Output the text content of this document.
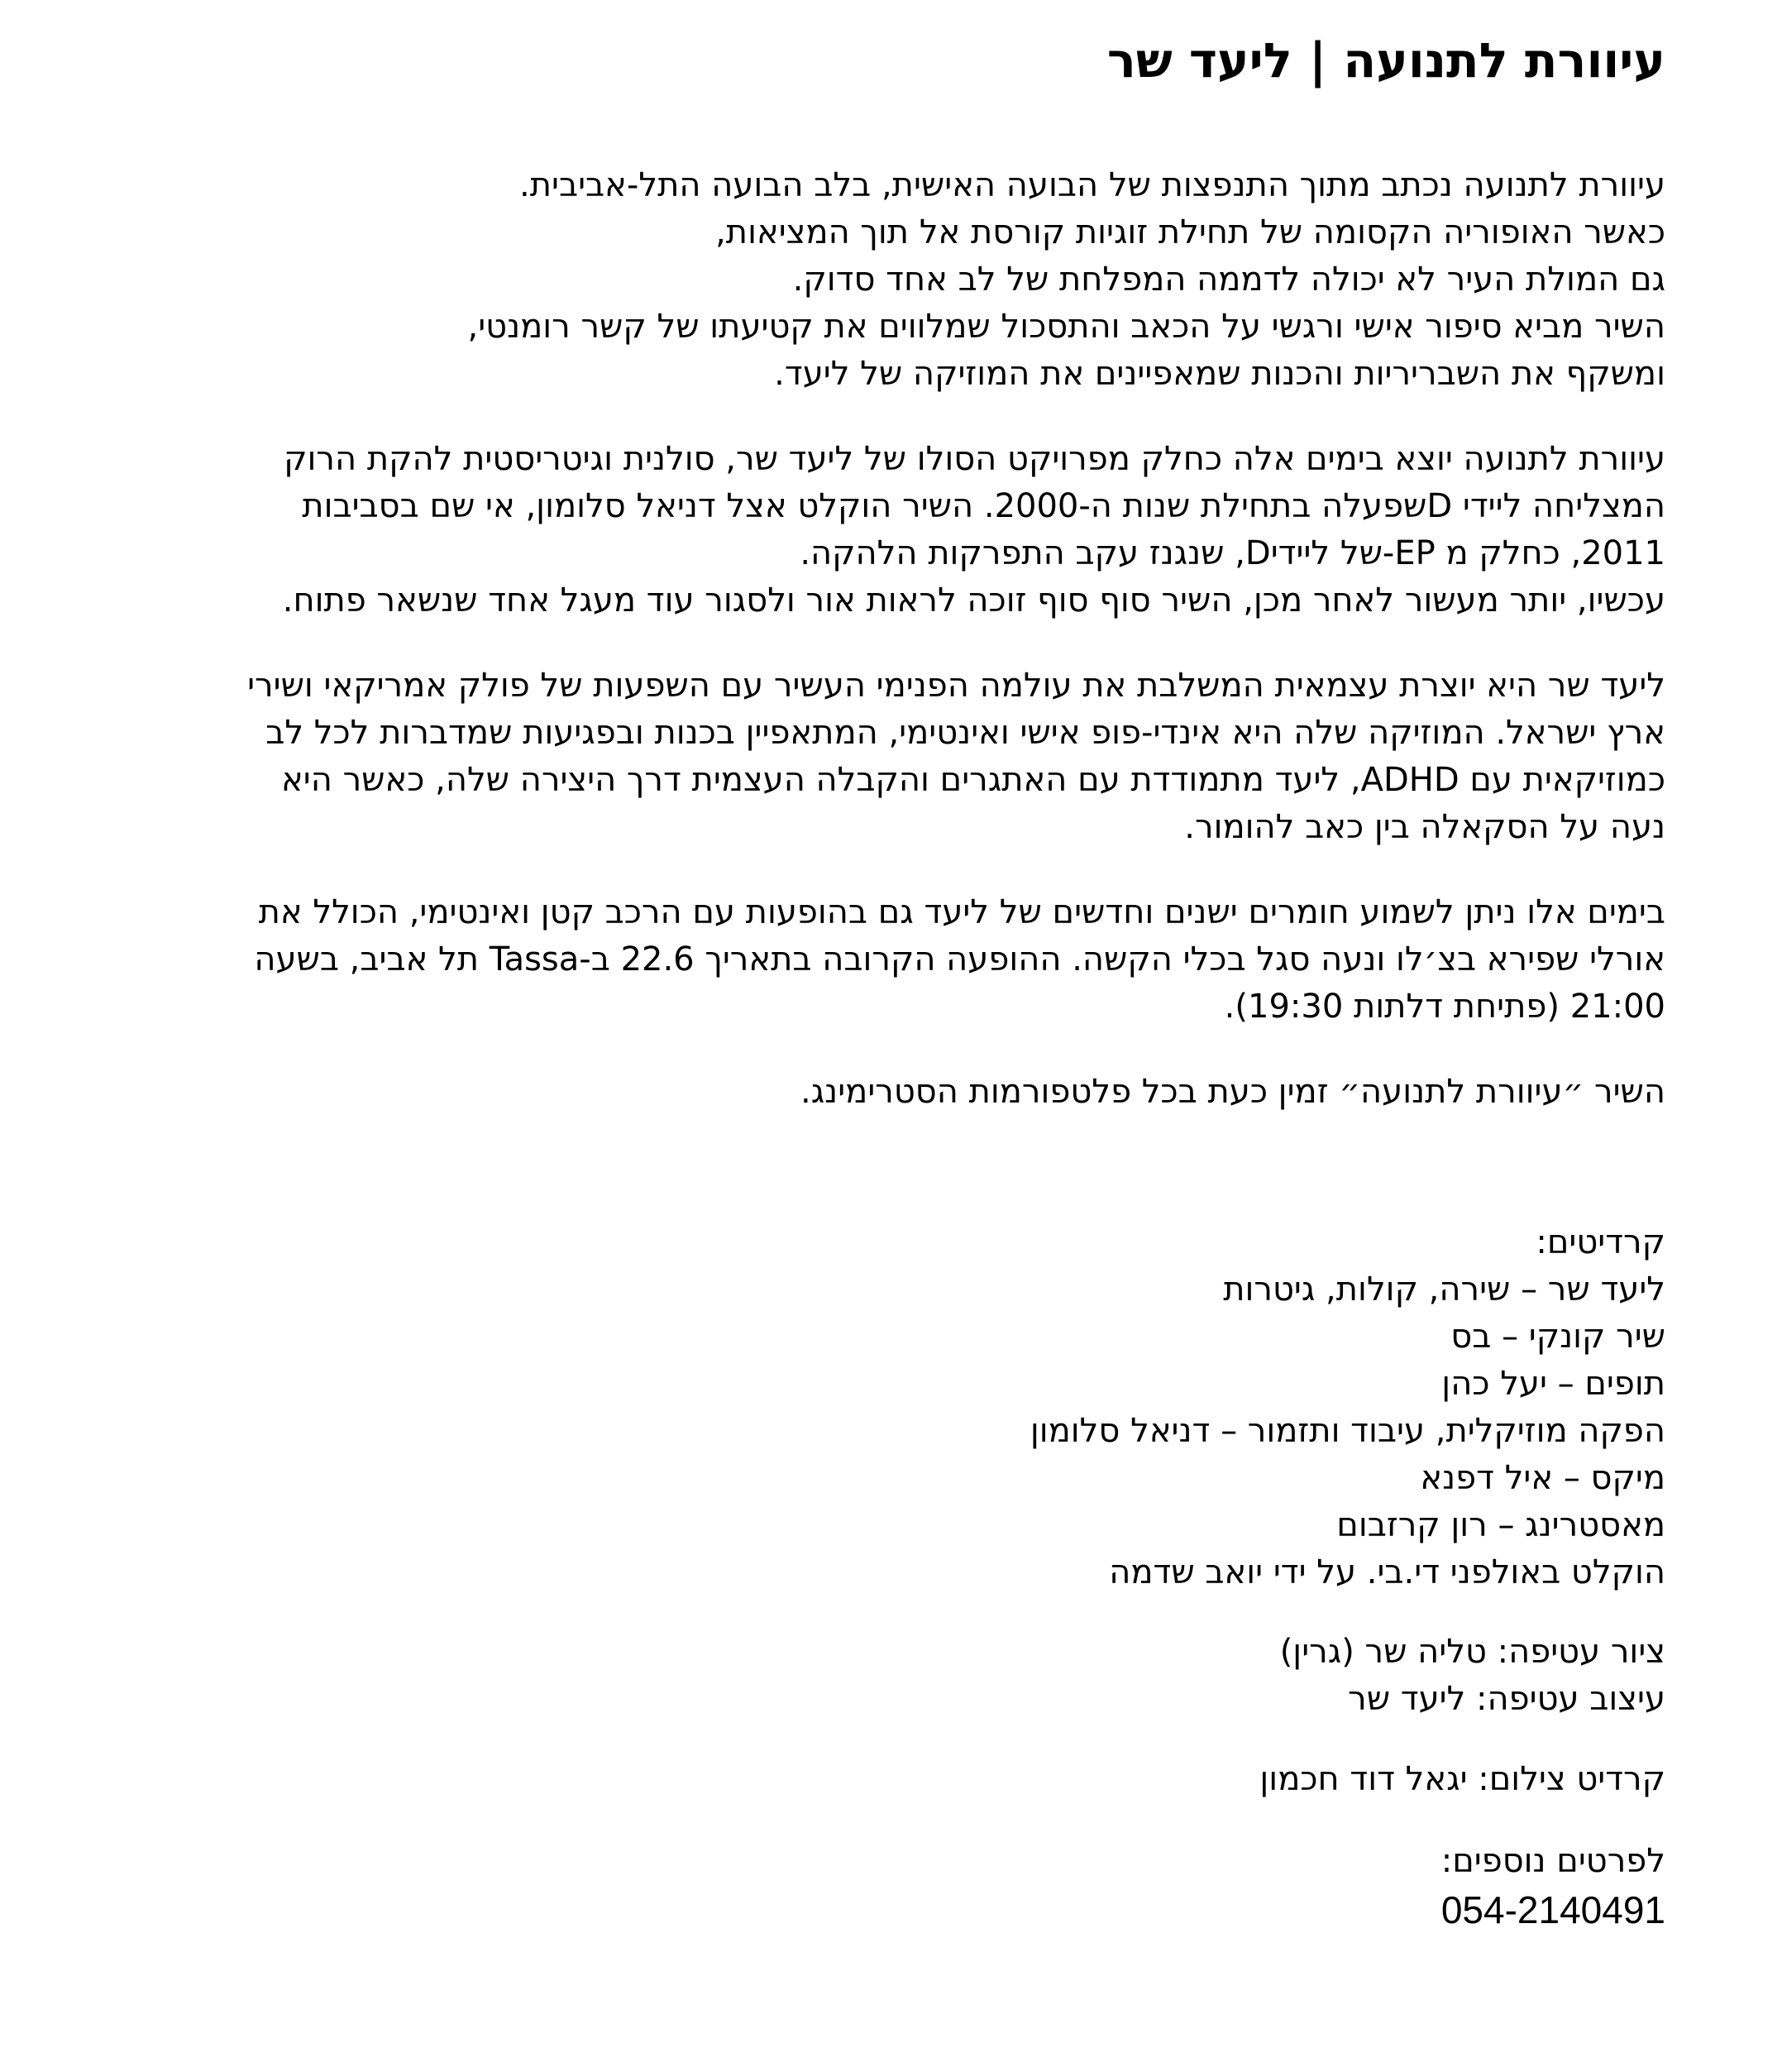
עיוורת לתנועה | ליעד שר

עיוורת לתנועה נכתב מתוך התנפצות של הבועה האישית, בלב הבועה התל-אביבית.

כאשר האופוריה הקסומה של תחילת זוגיות קורסת אל תוך המציאות,

גם המולת העיר לא יכולה לדממה המפלחת של לב אחד סדוק.

השיר מביא סיפור אישי ורגשי על הכאב והתסכול שמלווים את קטיעתו של קשר רומנטי,

ומשקף את השבריריות והכנות שמאפיינים את המוזיקה של ליעד.

עיוורת לתנועה יוצא בימים אלה כחלק מפרויקט הסולו של ליעד שר, סולנית וגיטריסטית להקת הרוק

המצליחה ליידי Dשפעלה בתחילת שנות ה-2000. השיר הוקלט אצל דניאל סלומון, אי שם בסביבות

2011, כחלק מ EP-של ליידיD, שנגנז עקב התפרקות הלהקה.

עכשיו, יותר מעשור לאחר מכן, השיר סוף סוף זוכה לראות אור ולסגור עוד מעגל אחד שנשאר פתוח.

ליעד שר היא יוצרת עצמאית המשלבת את עולמה הפנימי העשיר עם השפעות של פולק אמריקאי ושירי

ארץ ישראל. המוזיקה שלה היא אינדי-פופ אישי ואינטימי, המתאפיין בכנות ובפגיעות שמדברות לכל לב

כמוזיקאית עם ADHD, ליעד מתמודדת עם האתגרים והקבלה העצמית דרך היצירה שלה, כאשר היא

נעה על הסקאלה בין כאב להומור.

בימים אלו ניתן לשמוע חומרים ישנים וחדשים של ליעד גם בהופעות עם הרכב קטן ואינטימי, הכולל את

אורלי שפירא בצ׳לו ונעה סגל בכלי הקשה. ההופעה הקרובה בתאריך 22.6 ב-Tassa תל אביב, בשעה

21:00 (פתיחת דלתות 19:30).

השיר ״עיוורת לתנועה״ זמין כעת בכל פלטפורמות הסטרימינג.

קרדיטים:

ליעד שר – שירה, קולות, גיטרות

שיר קונקי – בס

תופים – יעל כהן

הפקה מוזיקלית, עיבוד ותזמור – דניאל סלומון

מיקס – איל דפנא

מאסטרינג – רון קרזבום

הוקלט באולפני די.בי. על ידי יואב שדמה

ציור עטיפה: טליה שר (גרין)

עיצוב עטיפה: ליעד שר

קרדיט צילום: יגאל דוד חכמון

לפרטים נוספים:

054-2140491
